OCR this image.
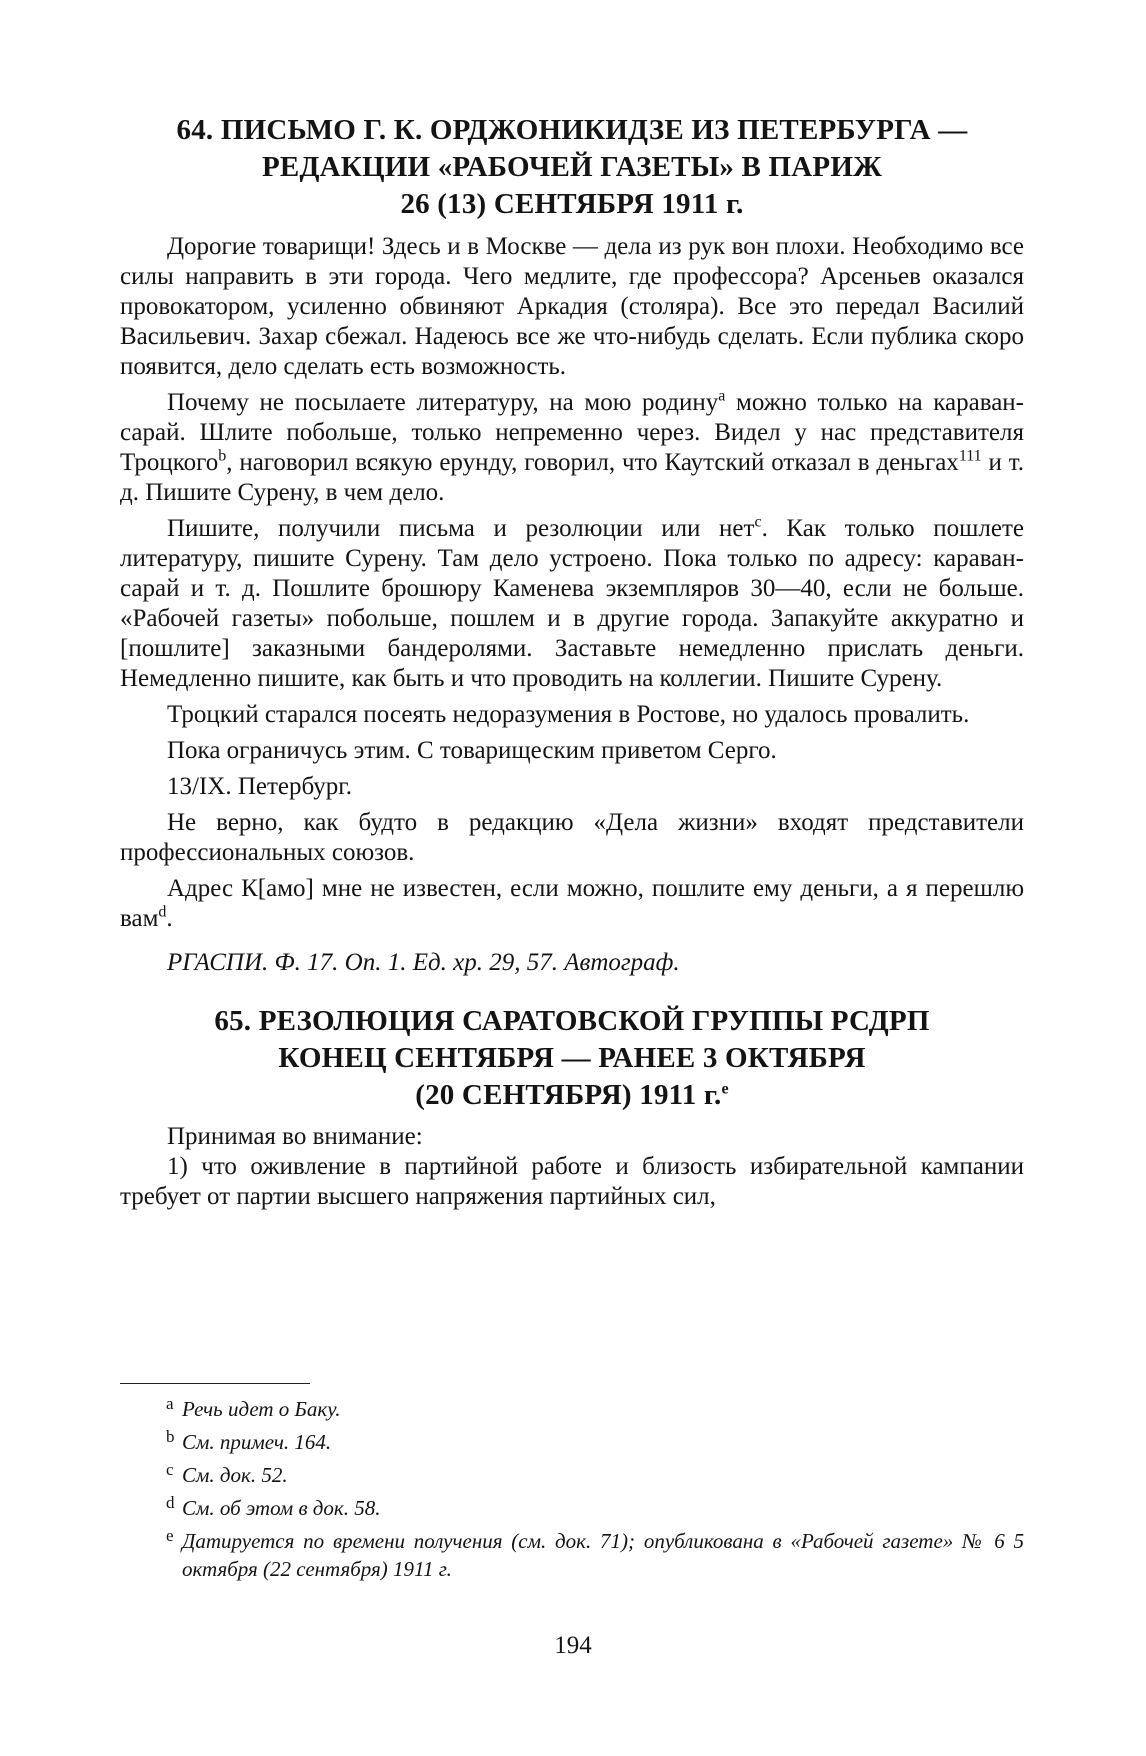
64. ПИСЬМО Г. К. ОРДЖОНИКИДЗЕ ИЗ ПЕТЕРБУРГА —
РЕДАКЦИИ «РАБОЧЕЙ ГАЗЕТЫ» В ПАРИЖ
26 (13) СЕНТЯБРЯ 1911 г.

Дорогие товарищи! Здесь и в Москве — дела из рук вон плохи. Необходимо все силы направить в эти города. Чего медлите, где профессора? Арсеньев оказался провокатором, усиленно обвиняют Аркадия (столяра). Все это передал Василий Васильевич. Захар сбежал. Надеюсь все же что-нибудь сделать. Если публика скоро появится, дело сделать есть возможность.

Почему не посылаете литературу, на мою родину$^a$ можно только на караван-сарай. Шлите побольше, только непременно через. Видел у нас представителя Троцкого$^b$, наговорил всякую ерунду, говорил, что Каутский отказал в деньгах$^{111}$ и т. д. Пишите Сурену, в чем дело.

Пишите, получили письма и резолюции или нет$^c$. Как только пошлете литературу, пишите Сурену. Там дело устроено. Пока только по адресу: караван-сарай и т. д. Пошлите брошюру Каменева экземпляров 30—40, если не больше. «Рабочей газеты» побольше, пошлем и в другие города. Запакуйте аккуратно и [пошлите] заказными бандеролями. Заставьте немедленно прислать деньги. Немедленно пишите, как быть и что проводить на коллегии. Пишите Сурену.

Троцкий старался посеять недоразумения в Ростове, но удалось провалить.

Пока ограничусь этим. С товарищеским приветом Серго.

13/IX. Петербург.

Не верно, как будто в редакцию «Дела жизни» входят представители профессиональных союзов.

Адрес К[амо] мне не известен, если можно, пошлите ему деньги, а я перешлю вам$^d$.

РГАСПИ. Ф. 17. Оп. 1. Ед. хр. 29, 57. Автограф.

65. РЕЗОЛЮЦИЯ САРАТОВСКОЙ ГРУППЫ РСДРП
КОНЕЦ СЕНТЯБРЯ — РАНЕЕ 3 ОКТЯБРЯ
(20 СЕНТЯБРЯ) 1911 г.$^e$

Принимая во внимание:

1) что оживление в партийной работе и близость избирательной кампании требует от партии высшего напряжения партийных сил,

a Речь идет о Баку.
b См. примеч. 164.
c См. док. 52.
d См. об этом в док. 58.
e Датируется по времени получения (см. док. 71); опубликована в «Рабочей газете» № 6 5 октября (22 сентября) 1911 г.
194
